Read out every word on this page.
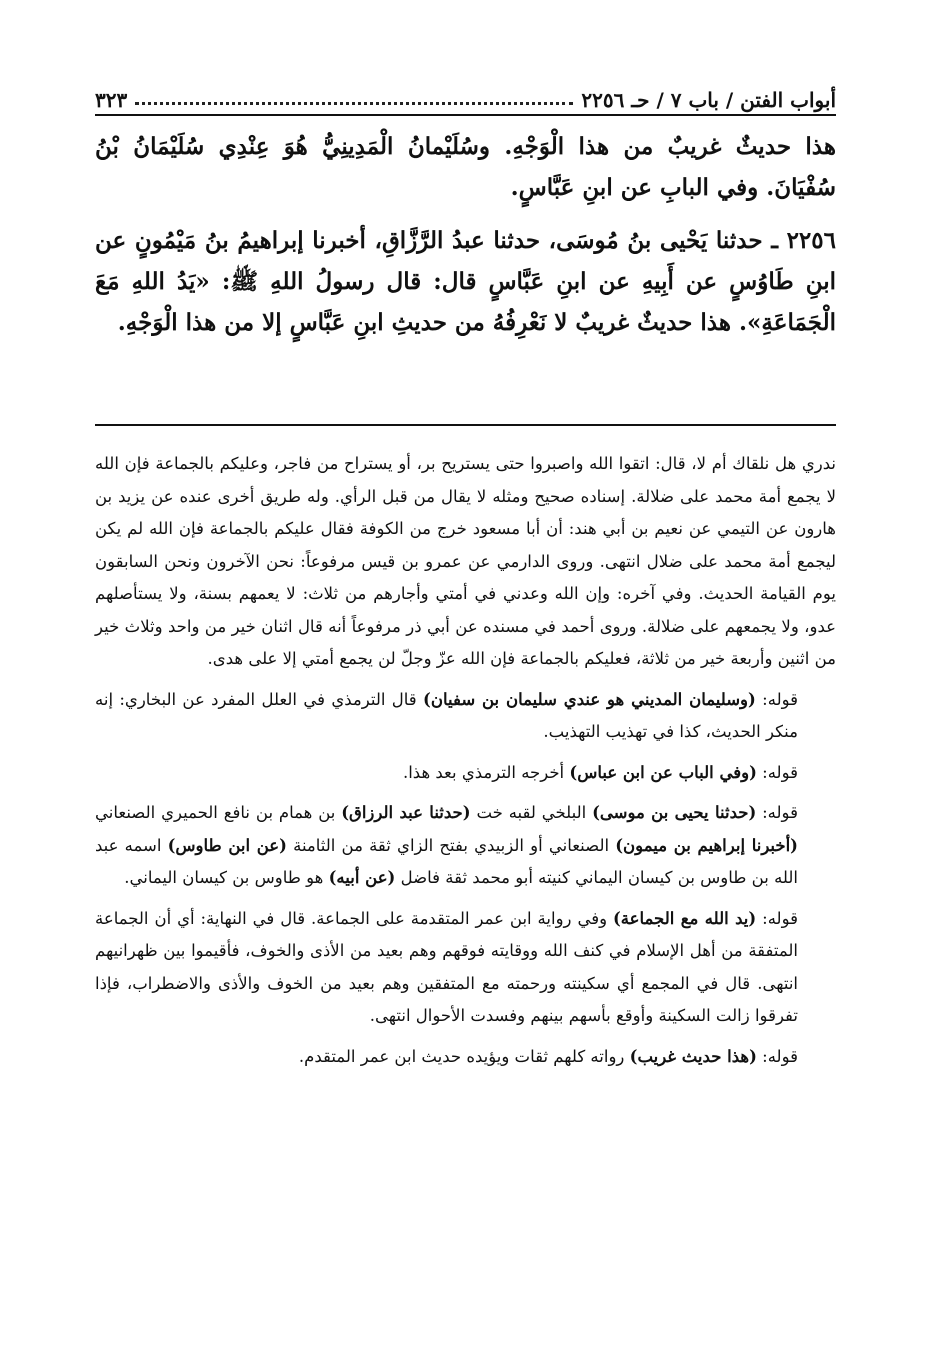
أبواب الفتن / باب ٧ / حـ ٢٢٥٦
٣٢٣

هذا حديثٌ غريبٌ من هذا الْوَجْهِ. وسُلَيْمانُ الْمَدِينِيُّ هُوَ عِنْدِي سُلَيْمَانُ بْنُ سُفْيَانَ. وفي البابِ عن ابنِ عَبَّاسٍ.

٢٢٥٦ ـ حدثنا يَحْيى بنُ مُوسَى، حدثنا عبدُ الرَّزَّاقِ، أخبرنا إبراهيمُ بنُ مَيْمُونٍ عن ابنِ طَاوُسٍ عن أَبِيهِ عن ابنِ عَبَّاسٍ قال: قال رسولُ اللهِ ﷺ: «يَدُ اللهِ مَعَ الْجَمَاعَةِ». هذا حديثٌ غريبٌ لا نَعْرِفُهُ من حديثِ ابنِ عَبَّاسٍ إلا من هذا الْوَجْهِ.

ندري هل نلقاك أم لا، قال: اتقوا الله واصبروا حتى يستريح بر، أو يستراح من فاجر، وعليكم بالجماعة فإن الله لا يجمع أمة محمد على ضلالة. إسناده صحيح ومثله لا يقال من قبل الرأي. وله طريق أخرى عنده عن يزيد بن هارون عن التيمي عن نعيم بن أبي هند: أن أبا مسعود خرج من الكوفة فقال عليكم بالجماعة فإن الله لم يكن ليجمع أمة محمد على ضلال انتهى. وروى الدارمي عن عمرو بن قيس مرفوعاً: نحن الآخرون ونحن السابقون يوم القيامة الحديث. وفي آخره: وإن الله وعدني في أمتي وأجارهم من ثلاث: لا يعمهم بسنة، ولا يستأصلهم عدو، ولا يجمعهم على ضلالة. وروى أحمد في مسنده عن أبي ذر مرفوعاً أنه قال اثنان خير من واحد وثلاث خير من اثنين وأربعة خير من ثلاثة، فعليكم بالجماعة فإن الله عزّ وجلّ لن يجمع أمتي إلا على هدى.

قوله: (وسليمان المديني هو عندي سليمان بن سفيان) قال الترمذي في العلل المفرد عن البخاري: إنه منكر الحديث، كذا في تهذيب التهذيب.

قوله: (وفي الباب عن ابن عباس) أخرجه الترمذي بعد هذا.

قوله: (حدثنا يحيى بن موسى) البلخي لقبه خت (حدثنا عبد الرزاق) بن همام بن نافع الحميري الصنعاني (أخبرنا إبراهيم بن ميمون) الصنعاني أو الزبيدي بفتح الزاي ثقة من الثامنة (عن ابن طاوس) اسمه عبد الله بن طاوس بن كيسان اليماني كنيته أبو محمد ثقة فاضل (عن أبيه) هو طاوس بن كيسان اليماني.

قوله: (يد الله مع الجماعة) وفي رواية ابن عمر المتقدمة على الجماعة. قال في النهاية: أي أن الجماعة المتفقة من أهل الإسلام في كنف الله ووقايته فوقهم وهم بعيد من الأذى والخوف، فأقيموا بين ظهرانيهم انتهى. قال في المجمع أي سكينته ورحمته مع المتفقين وهم بعيد من الخوف والأذى والاضطراب، فإذا تفرقوا زالت السكينة وأوقع بأسهم بينهم وفسدت الأحوال انتهى.

قوله: (هذا حديث غريب) رواته كلهم ثقات ويؤيده حديث ابن عمر المتقدم.
